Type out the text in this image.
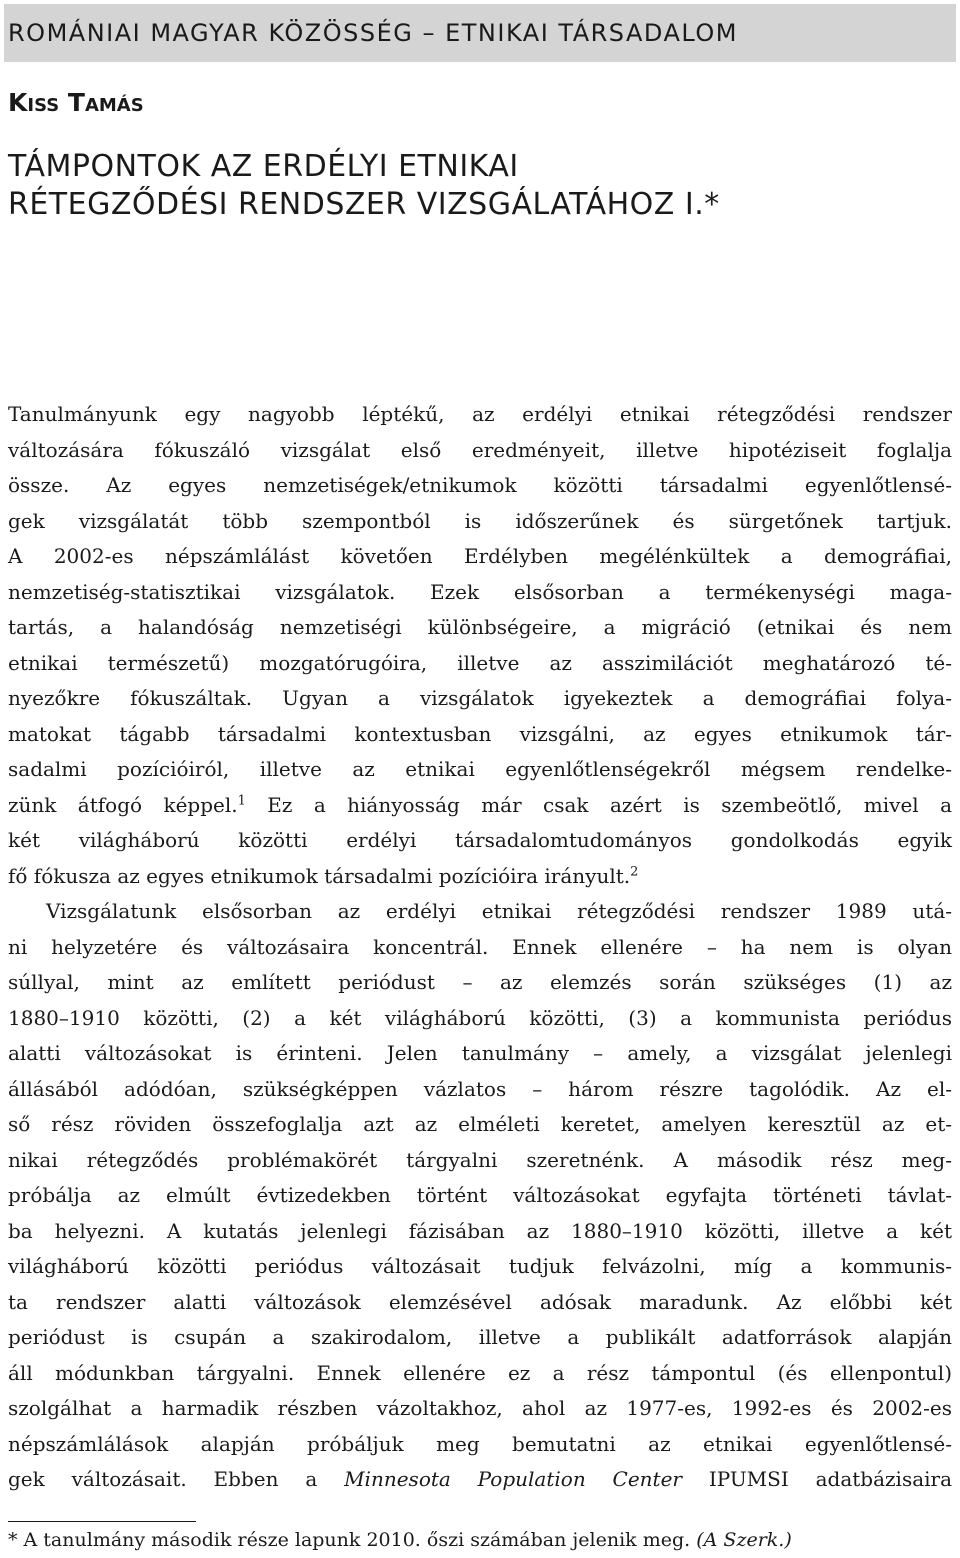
ROMÁNIAI MAGYAR KÖZÖSSÉG – ETNIKAI TÁRSADALOM
Kiss Tamás
TÁMPONTOK AZ ERDÉLYI ETNIKAI
RÉTEGZŐDÉSI RENDSZER VIZSGÁLATÁHOZ I.*

Tanulmányunk egy nagyobb léptékű, az erdélyi etnikai rétegződési rendszer
változására fókuszáló vizsgálat első eredményeit, illetve hipotéziseit foglalja
össze. Az egyes nemzetiségek/etnikumok közötti társadalmi egyenlőtlensé-
gek vizsgálatát több szempontból is időszerűnek és sürgetőnek tartjuk.
A 2002-es népszámlálást követően Erdélyben megélénkültek a demográfiai,
nemzetiség-statisztikai vizsgálatok. Ezek elsősorban a termékenységi maga-
tartás, a halandóság nemzetiségi különbségeire, a migráció (etnikai és nem
etnikai természetű) mozgatórugóira, illetve az asszimilációt meghatározó té-
nyezőkre fókuszáltak. Ugyan a vizsgálatok igyekeztek a demográfiai folya-
matokat tágabb társadalmi kontextusban vizsgálni, az egyes etnikumok tár-
sadalmi pozícióiról, illetve az etnikai egyenlőtlenségekről mégsem rendelke-
zünk átfogó képpel.$^1$ Ez a hiányosság már csak azért is szembeötlő, mivel a
két világháború közötti erdélyi társadalomtudományos gondolkodás egyik
fő fókusza az egyes etnikumok társadalmi pozícióira irányult.$^2$

Vizsgálatunk elsősorban az erdélyi etnikai rétegződési rendszer 1989 utá-
ni helyzetére és változásaira koncentrál. Ennek ellenére – ha nem is olyan
súllyal, mint az említett periódust – az elemzés során szükséges (1) az
1880–1910 közötti, (2) a két világháború közötti, (3) a kommunista periódus
alatti változásokat is érinteni. Jelen tanulmány – amely, a vizsgálat jelenlegi
állásából adódóan, szükségképpen vázlatos – három részre tagolódik. Az el-
ső rész röviden összefoglalja azt az elméleti keretet, amelyen keresztül az et-
nikai rétegződés problémakörét tárgyalni szeretnénk. A második rész meg-
próbálja az elmúlt évtizedekben történt változásokat egyfajta történeti távlat-
ba helyezni. A kutatás jelenlegi fázisában az 1880–1910 közötti, illetve a két
világháború közötti periódus változásait tudjuk felvázolni, míg a kommunis-
ta rendszer alatti változások elemzésével adósak maradunk. Az előbbi két
periódust is csupán a szakirodalom, illetve a publikált adatforrások alapján
áll módunkban tárgyalni. Ennek ellenére ez a rész támpontul (és ellenpontul)
szolgálhat a harmadik részben vázoltakhoz, ahol az 1977-es, 1992-es és 2002-es
népszámlálások alapján próbáljuk meg bemutatni az etnikai egyenlőtlensé-
gek változásait. Ebben a Minnesota Population Center IPUMSI adatbázisaira

* A tanulmány második része lapunk 2010. őszi számában jelenik meg. (A Szerk.)
